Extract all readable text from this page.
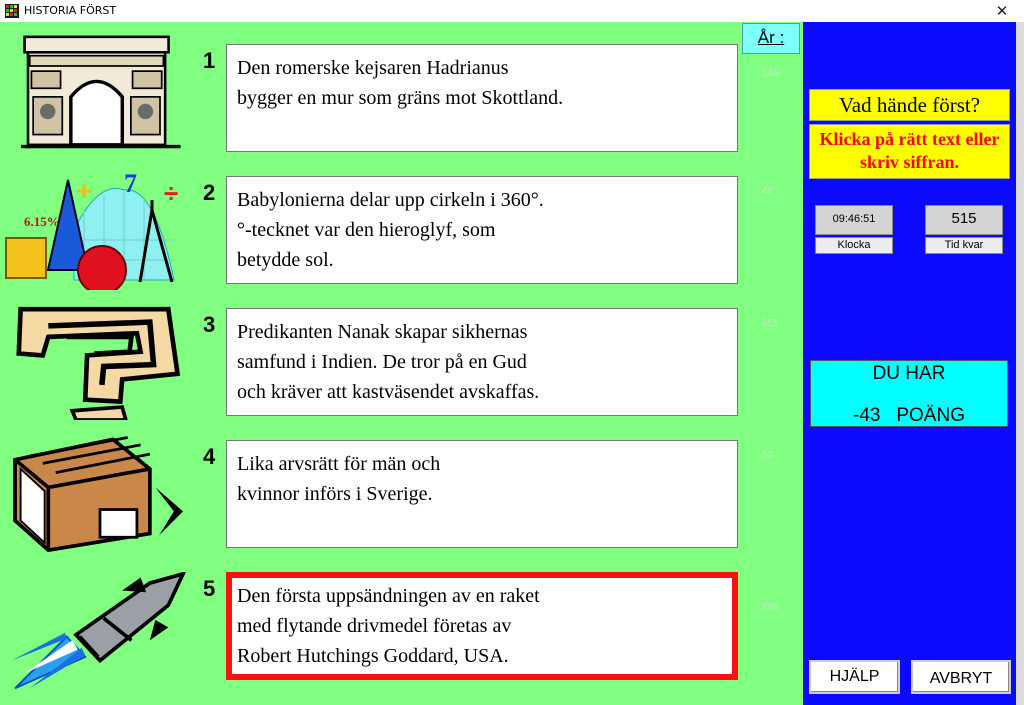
HISTORIA FÖRST	✕
År :
1	Den romerske kejsaren Hadrianus
bygger en mur som gräns mot Skottland.
146
7 ÷
+
6.15%
2	Babylonierna delar upp cirkeln i 360°.
°-tecknet var den hieroglyf, som
betydde sol.
48
3	Predikanten Nanak skapar sikhernas
samfund i Indien. De tror på en Gud
och kräver att kastväsendet avskaffas.
351
4	Lika arvsrätt för män och
kvinnor införs i Sverige.
52
5	Den första uppsändningen av en raket
med flytande drivmedel företas av
Robert Hutchings Goddard, USA.
890
Vad hände först?
Klicka på rätt text eller skriv siffran.
09:46:51
Klocka
515
Tid kvar
DU HAR
-43 POÄNG
HJÄLP	AVBRYT
